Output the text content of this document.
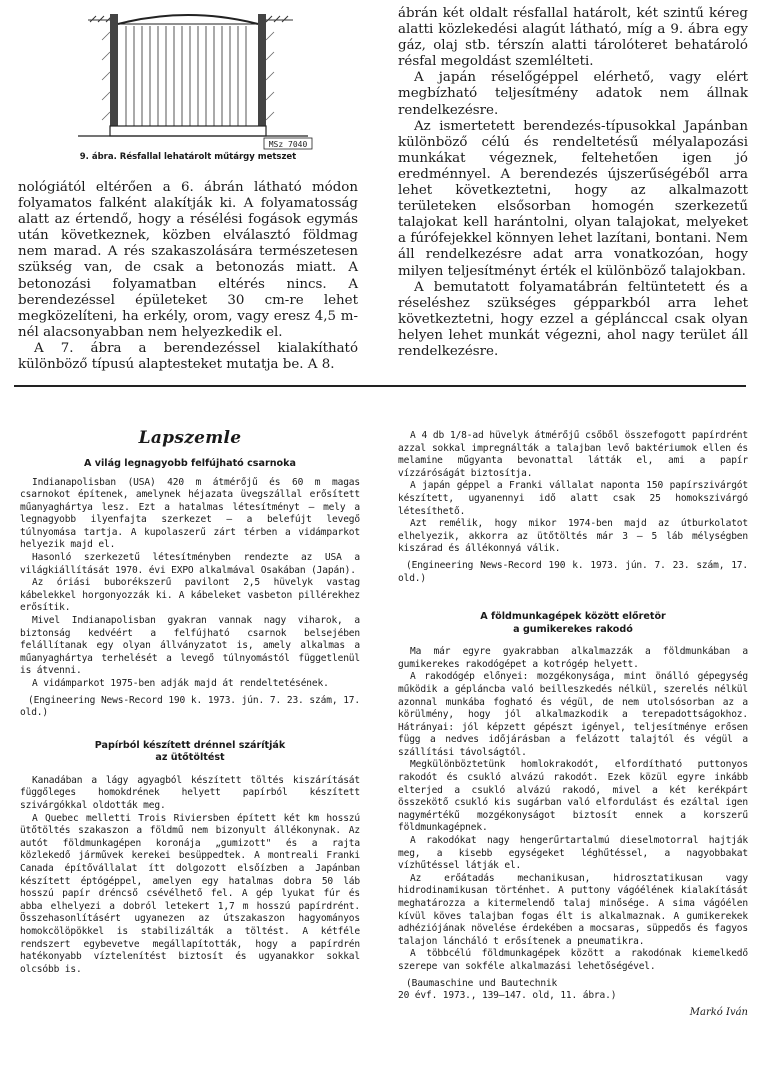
MSz 7040
9. ábra. Résfallal lehatárolt műtárgy metszet

nológiától eltérően a 6. ábrán látható módon folyamatos falként alakítják ki. A folyamatosság alatt az értendő, hogy a résélési fogások egymás után következnek, közben elválasztó földmag nem marad. A rés szakaszolására természetesen szükség van, de csak a betonozás miatt. A betonozási folyamatban eltérés nincs. A berendezéssel épületeket 30 cm-re lehet megközelíteni, ha erkély, orom, vagy eresz 4,5 m-nél alacsonyabban nem helyezkedik el.

A 7. ábra a berendezéssel kialakítható különböző típusú alaptesteket mutatja be. A 8.

ábrán két oldalt résfallal határolt, két szintű kéreg alatti közlekedési alagút látható, míg a 9. ábra egy gáz, olaj stb. térszín alatti tárolóteret behatároló résfal megoldást szemlélteti.

A japán réselőgéppel elérhető, vagy elért megbízható teljesítmény adatok nem állnak rendelkezésre.

Az ismertetett berendezés-típusokkal Japánban különböző célú és rendeltetésű mélyalapozási munkákat végeznek, feltehetően igen jó eredménnyel. A berendezés újszerűségéből arra lehet következtetni, hogy az alkalmazott területeken elsősorban homogén szerkezetű talajokat kell harántolni, olyan talajokat, melyeket a fúrófejekkel könnyen lehet lazítani, bontani. Nem áll rendelkezésre adat arra vonatkozóan, hogy milyen teljesítményt érték el különböző talajokban.

A bemutatott folyamatábrán feltüntetett és a réseléshez szükséges gépparkból arra lehet következtetni, hogy ezzel a géplánccal csak olyan helyen lehet munkát végezni, ahol nagy terület áll rendelkezésre.

Lapszemle
A világ legnagyobb felfújható csarnoka

Indianapolisban (USA) 420 m átmérőjű és 60 m magas csarnokot építenek, amelynek héjazata üvegszállal erősített műanyaghártya lesz. Ezt a hatalmas létesítményt — mely a legnagyobb ilyenfajta szerkezet — a belefújt levegő túlnyomása tartja. A kupolaszerű zárt térben a vidámparkot helyezik majd el.

Hasonló szerkezetű létesítményben rendezte az USA a világkiállítását 1970. évi EXPO alkalmával Osakában (Japán).

Az óriási buborékszerű pavilont 2,5 hüvelyk vastag kábelekkel horgonyozzák ki. A kábeleket vasbeton pillérekhez erősítik.

Mivel Indianapolisban gyakran vannak nagy viharok, a biztonság kedvéért a felfújható csarnok belsejében felállítanak egy olyan állványzatot is, amely alkalmas a műanyaghártya terhelését a levegő túlnyomástól függetlenül is átvenni.

A vidámparkot 1975-ben adják majd át rendeltetésének.

(Engineering News-Record 190 k. 1973. jún. 7. 23. szám, 17. old.)

Papírból készített drénnel szárítják
az ütőtöltést

Kanadában a lágy agyagból készített töltés kiszárítását függőleges homokdrének helyett papírból készített szivárgókkal oldották meg.

A Quebec melletti Trois Riviersben épített két km hosszú ütőtöltés szakaszon a földmű nem bizonyult állékonynak. Az autót földmunkagépen koronája „gumizott" és a rajta közlekedő járművek kerekei besüppedtek. A montreali Franki Canada építővállalat ítt dolgozott elsőízben a Japánban készített éptógéppel, amelyen egy hatalmas dobra 50 láb hosszú papír dréncső csévélhető fel. A gép lyukat fúr és abba elhelyezi a dobról letekert 1,7 m hosszú papírdrént. Összehasonlításért ugyanezen az útszakaszon hagyományos homokcölöpökkel is stabilizálták a töltést. A kétféle rendszert egybevetve megállapították, hogy a papírdrén hatékonyabb víztelenítést biztosít és ugyanakkor sokkal olcsóbb is.

A 4 db 1/8-ad hüvelyk átmérőjű csőből összefogott papírdrént azzal sokkal impregnálták a talajban levő baktériumok ellen és melamine műgyanta bevonattal látták el, ami a papír vízzáróságát biztosítja.

A japán géppel a Franki vállalat naponta 150 papírszivárgót készített, ugyanennyi idő alatt csak 25 homokszivárgó létesíthető.

Azt remélik, hogy mikor 1974-ben majd az útburkolatot elhelyezik, akkorra az ütőtöltés már 3 — 5 láb mélységben kiszárad és állékonnyá válik.

(Engineering News-Record 190 k. 1973. jún. 7. 23. szám, 17. old.)

A földmunkagépek között előretör
a gumikerekes rakodó

Ma már egyre gyakrabban alkalmazzák a földmunkában a gumikerekes rakodógépet a kotrógép helyett.

A rakodógép előnyei: mozgékonysága, mint önálló gépegység működik a géplánсba való beilleszkedés nélkül, szerelés nélkül azonnal munkába fogható és végül, de nem utolsósorban az a körülmény, hogy jól alkalmazkodik a terepadottságokhoz. Hátrányai: jól képzett gépészt igényel, teljesítménye erősen függ a nedves időjárásban a felázott talajtól és végül a szállítási távolságtól.

Megkülönböztetünk homlokrakodót, elfordítható puttonyos rakodót és csukló alvázú rakodót. Ezek közül egyre inkább elterjed a csukló alvázú rakodó, mivel a két kerékpárt összekötő csukló kis sugárban való elfordulást és ezáltal igen nagymértékű mozgékonyságot biztosít ennek a korszerű földmunkagépnek.

A rakodókat nagy hengerűrtartalmú dieselmotorral hajtják meg, a kisebb egységeket léghűtéssel, a nagyobbakat vízhűtéssel látják el.

Az erőátadás mechanikusan, hidrosztatikusan vagy hidrodinamikusan történhet. A puttony vágóélének kialakítását meghatározza a kitermelendő talaj minősége. A sima vágóélen kívül köves talajban fogas élt is alkalmaznak. A gumikerekek adhéziójának növelése érdekében a mocsaras, süppedős és fagyos talajon láncháló t erősítenek a pneumatikra.

A többcélú földmunkagépek között a rakodónak kiemelkedő szerepe van sokféle alkalmazási lehetőségével.

(Baumaschine und Bautechnik

20 évf. 1973., 139—147. old, 11. ábra.)

Markó Iván
